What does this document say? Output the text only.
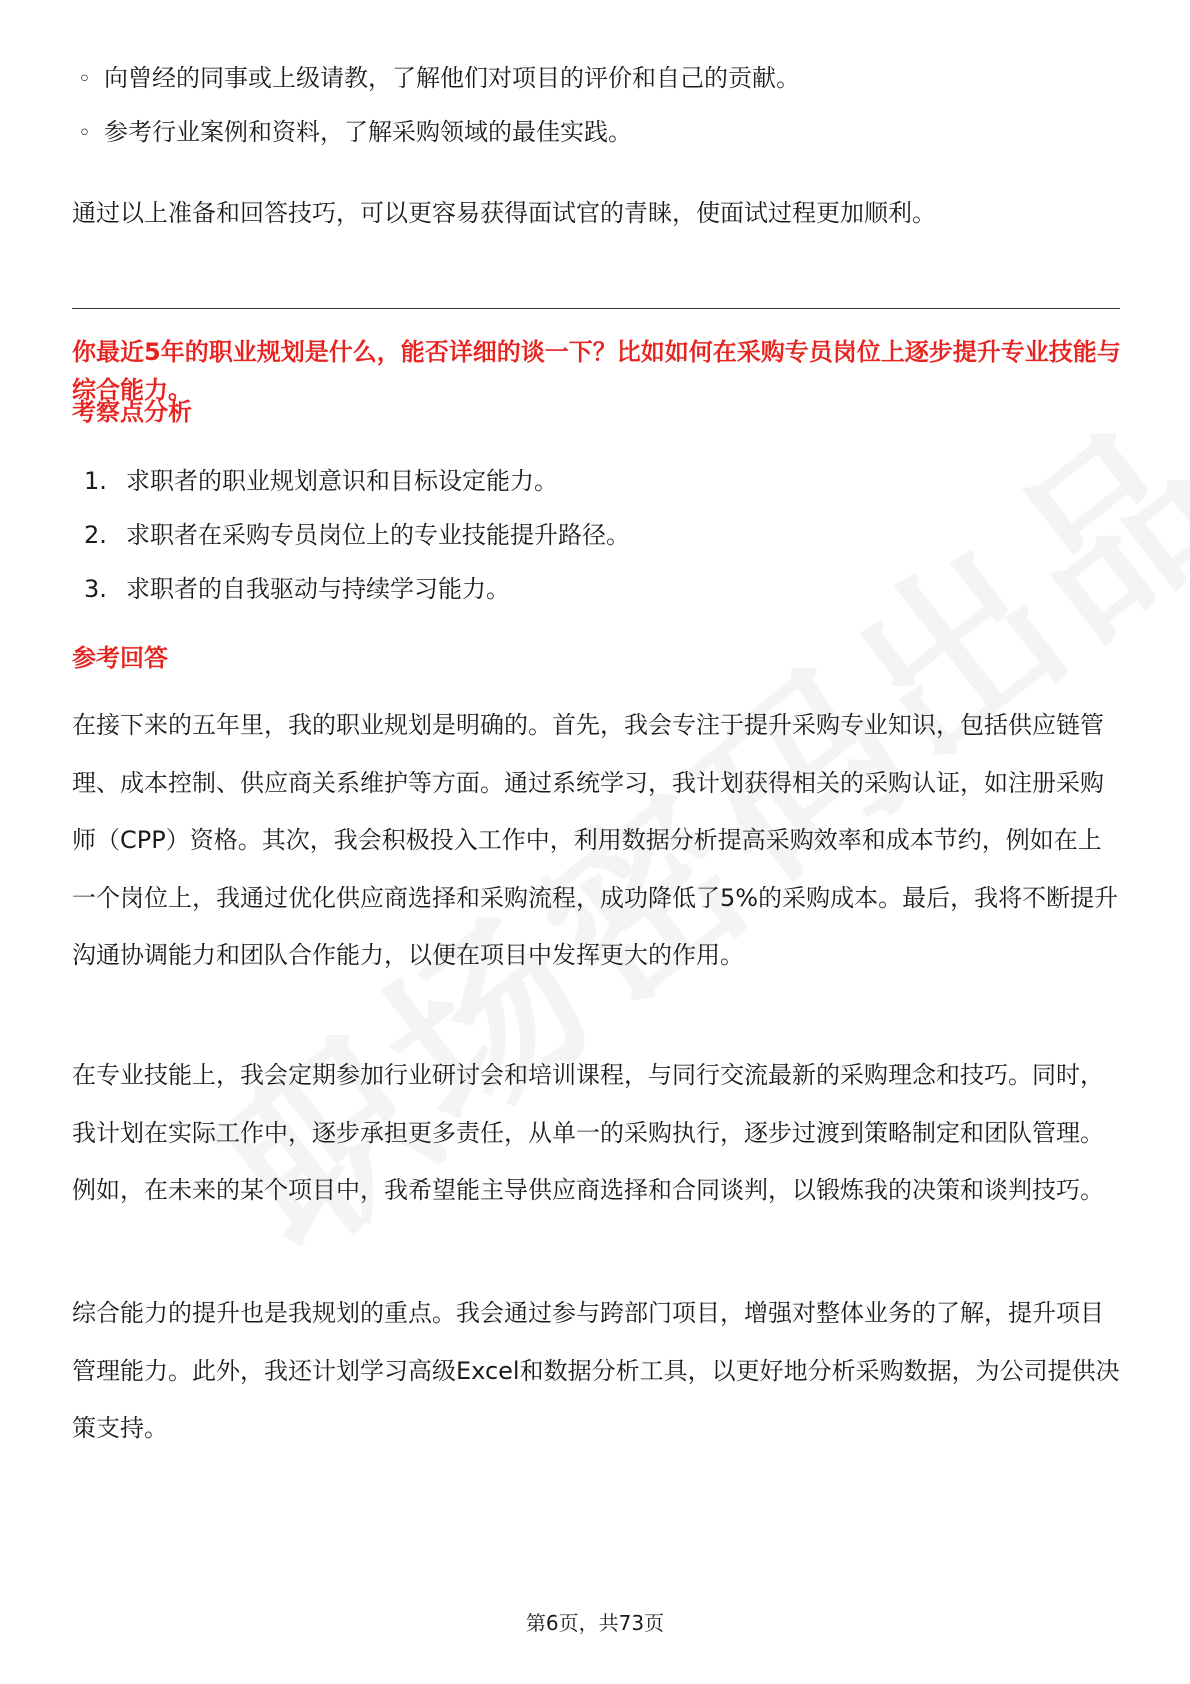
◦ 向曾经的同事或上级请教，了解他们对项目的评价和自己的贡献。
◦ 参考行业案例和资料，了解采购领域的最佳实践。
通过以上准备和回答技巧，可以更容易获得面试官的青睐，使面试过程更加顺利。
你最近5年的职业规划是什么，能否详细的谈一下？比如如何在采购专员岗位上逐步提升专业技能与综合能力。
考察点分析
1. 求职者的职业规划意识和目标设定能力。
2. 求职者在采购专员岗位上的专业技能提升路径。
3. 求职者的自我驱动与持续学习能力。
参考回答
在接下来的五年里，我的职业规划是明确的。首先，我会专注于提升采购专业知识，包括供应链管理、成本控制、供应商关系维护等方面。通过系统学习，我计划获得相关的采购认证，如注册采购师（CPP）资格。其次，我会积极投入工作中，利用数据分析提高采购效率和成本节约，例如在上一个岗位上，我通过优化供应商选择和采购流程，成功降低了5%的采购成本。最后，我将不断提升沟通协调能力和团队合作能力，以便在项目中发挥更大的作用。
在专业技能上，我会定期参加行业研讨会和培训课程，与同行交流最新的采购理念和技巧。同时，我计划在实际工作中，逐步承担更多责任，从单一的采购执行，逐步过渡到策略制定和团队管理。例如，在未来的某个项目中，我希望能主导供应商选择和合同谈判，以锻炼我的决策和谈判技巧。
综合能力的提升也是我规划的重点。我会通过参与跨部门项目，增强对整体业务的了解，提升项目管理能力。此外，我还计划学习高级Excel和数据分析工具，以更好地分析采购数据，为公司提供决策支持。
第6页，共73页
